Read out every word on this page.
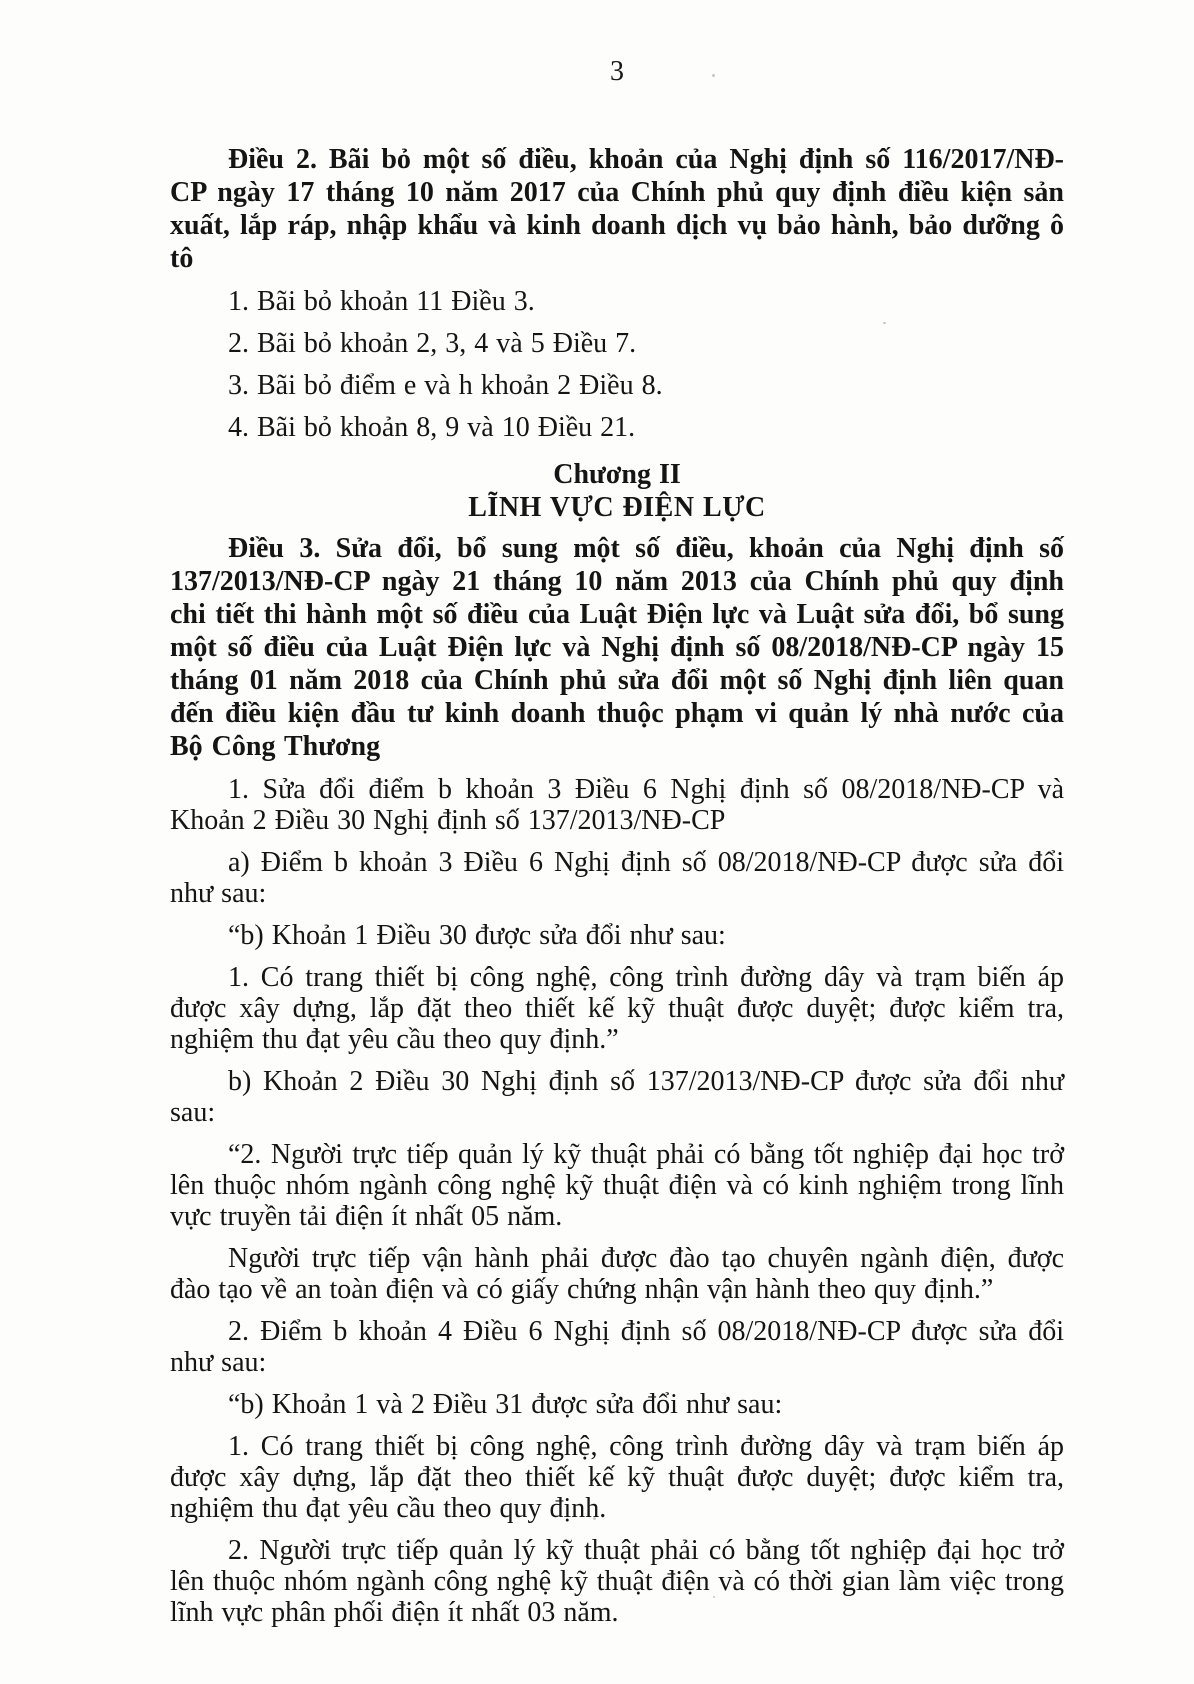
3

Điều 2. Bãi bỏ một số điều, khoản của Nghị định số 116/2017/NĐ-CP ngày 17 tháng 10 năm 2017 của Chính phủ quy định điều kiện sản xuất, lắp ráp, nhập khẩu và kinh doanh dịch vụ bảo hành, bảo dưỡng ô tô

1. Bãi bỏ khoản 11 Điều 3.

2. Bãi bỏ khoản 2, 3, 4 và 5 Điều 7.

3. Bãi bỏ điểm e và h khoản 2 Điều 8.

4. Bãi bỏ khoản 8, 9 và 10 Điều 21.

Chương II

LĨNH VỰC ĐIỆN LỰC

Điều 3. Sửa đổi, bổ sung một số điều, khoản của Nghị định số 137/2013/NĐ-CP ngày 21 tháng 10 năm 2013 của Chính phủ quy định chi tiết thi hành một số điều của Luật Điện lực và Luật sửa đổi, bổ sung một số điều của Luật Điện lực và Nghị định số 08/2018/NĐ-CP ngày 15 tháng 01 năm 2018 của Chính phủ sửa đổi một số Nghị định liên quan đến điều kiện đầu tư kinh doanh thuộc phạm vi quản lý nhà nước của Bộ Công Thương

1. Sửa đổi điểm b khoản 3 Điều 6 Nghị định số 08/2018/NĐ-CP và Khoản 2 Điều 30 Nghị định số 137/2013/NĐ-CP

a) Điểm b khoản 3 Điều 6 Nghị định số 08/2018/NĐ-CP được sửa đổi như sau:

“b) Khoản 1 Điều 30 được sửa đổi như sau:

1. Có trang thiết bị công nghệ, công trình đường dây và trạm biến áp được xây dựng, lắp đặt theo thiết kế kỹ thuật được duyệt; được kiểm tra, nghiệm thu đạt yêu cầu theo quy định.”

b) Khoản 2 Điều 30 Nghị định số 137/2013/NĐ-CP được sửa đổi như sau:

“2. Người trực tiếp quản lý kỹ thuật phải có bằng tốt nghiệp đại học trở lên thuộc nhóm ngành công nghệ kỹ thuật điện và có kinh nghiệm trong lĩnh vực truyền tải điện ít nhất 05 năm.

Người trực tiếp vận hành phải được đào tạo chuyên ngành điện, được đào tạo về an toàn điện và có giấy chứng nhận vận hành theo quy định.”

2. Điểm b khoản 4 Điều 6 Nghị định số 08/2018/NĐ-CP được sửa đổi như sau:

“b) Khoản 1 và 2 Điều 31 được sửa đổi như sau:

1. Có trang thiết bị công nghệ, công trình đường dây và trạm biến áp được xây dựng, lắp đặt theo thiết kế kỹ thuật được duyệt; được kiểm tra, nghiệm thu đạt yêu cầu theo quy định.

2. Người trực tiếp quản lý kỹ thuật phải có bằng tốt nghiệp đại học trở lên thuộc nhóm ngành công nghệ kỹ thuật điện và có thời gian làm việc trong lĩnh vực phân phối điện ít nhất 03 năm.
